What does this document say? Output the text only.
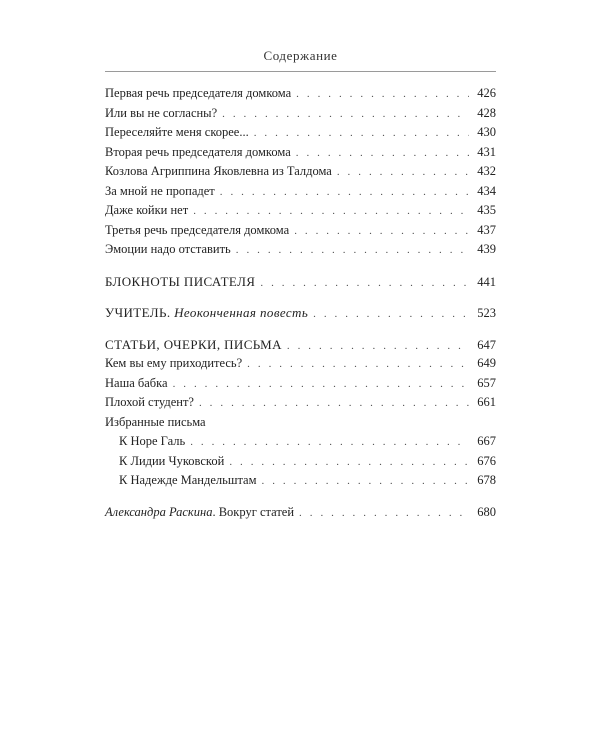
Содержание
Первая речь председателя домкома . . .	426
Или вы не согласны? . . .	428
Переселяйте меня скорее... . . .	430
Вторая речь председателя домкома . . .	431
Козлова Агриппина Яковлевна из Талдома . . .	432
За мной не пропадет . . .	434
Даже койки нет . . .	435
Третья речь председателя домкома . . .	437
Эмоции надо отставить . . .	439
БЛОКНОТЫ ПИСАТЕЛЯ . . .	441
УЧИТЕЛЬ. Неоконченная повесть . . .	523
СТАТЬИ, ОЧЕРКИ, ПИСЬМА . . .	647
Кем вы ему приходитесь? . . .	649
Наша бабка . . .	657
Плохой студент? . . .	661
Избранные письма
К Норе Галь . . .	667
К Лидии Чуковской . . .	676
К Надежде Мандельштам . . .	678
Александра Раскина. Вокруг статей . . .	680
